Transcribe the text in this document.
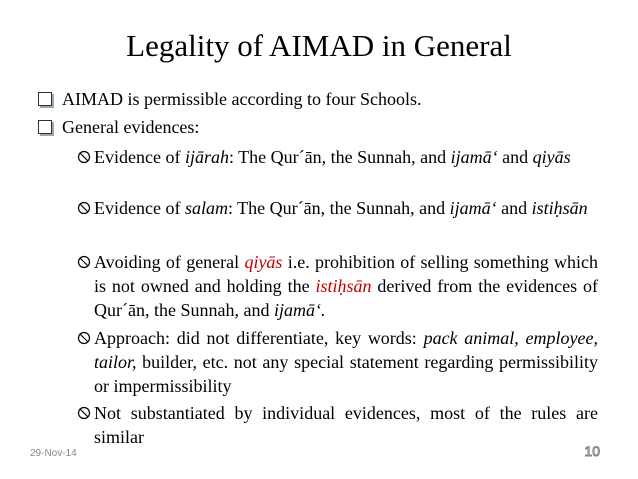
Legality of AIMAD in General
AIMAD is permissible according to four Schools.
General evidences:
Evidence of ijārah: The Qur´ān, the Sunnah, and ijamā‘ and qiyās
Evidence of salam: The Qur´ān, the Sunnah, and ijamā‘ and istiḥsān
Avoiding of general qiyās i.e. prohibition of selling something which is not owned and holding the istiḥsān derived from the evidences of Qur´ān, the Sunnah, and ijamā‘.
Approach: did not differentiate, key words: pack animal, employee, tailor, builder, etc. not any special statement regarding permissibility or impermissibility
Not substantiated by individual evidences, most of the rules are similar
29-Nov-14	10
